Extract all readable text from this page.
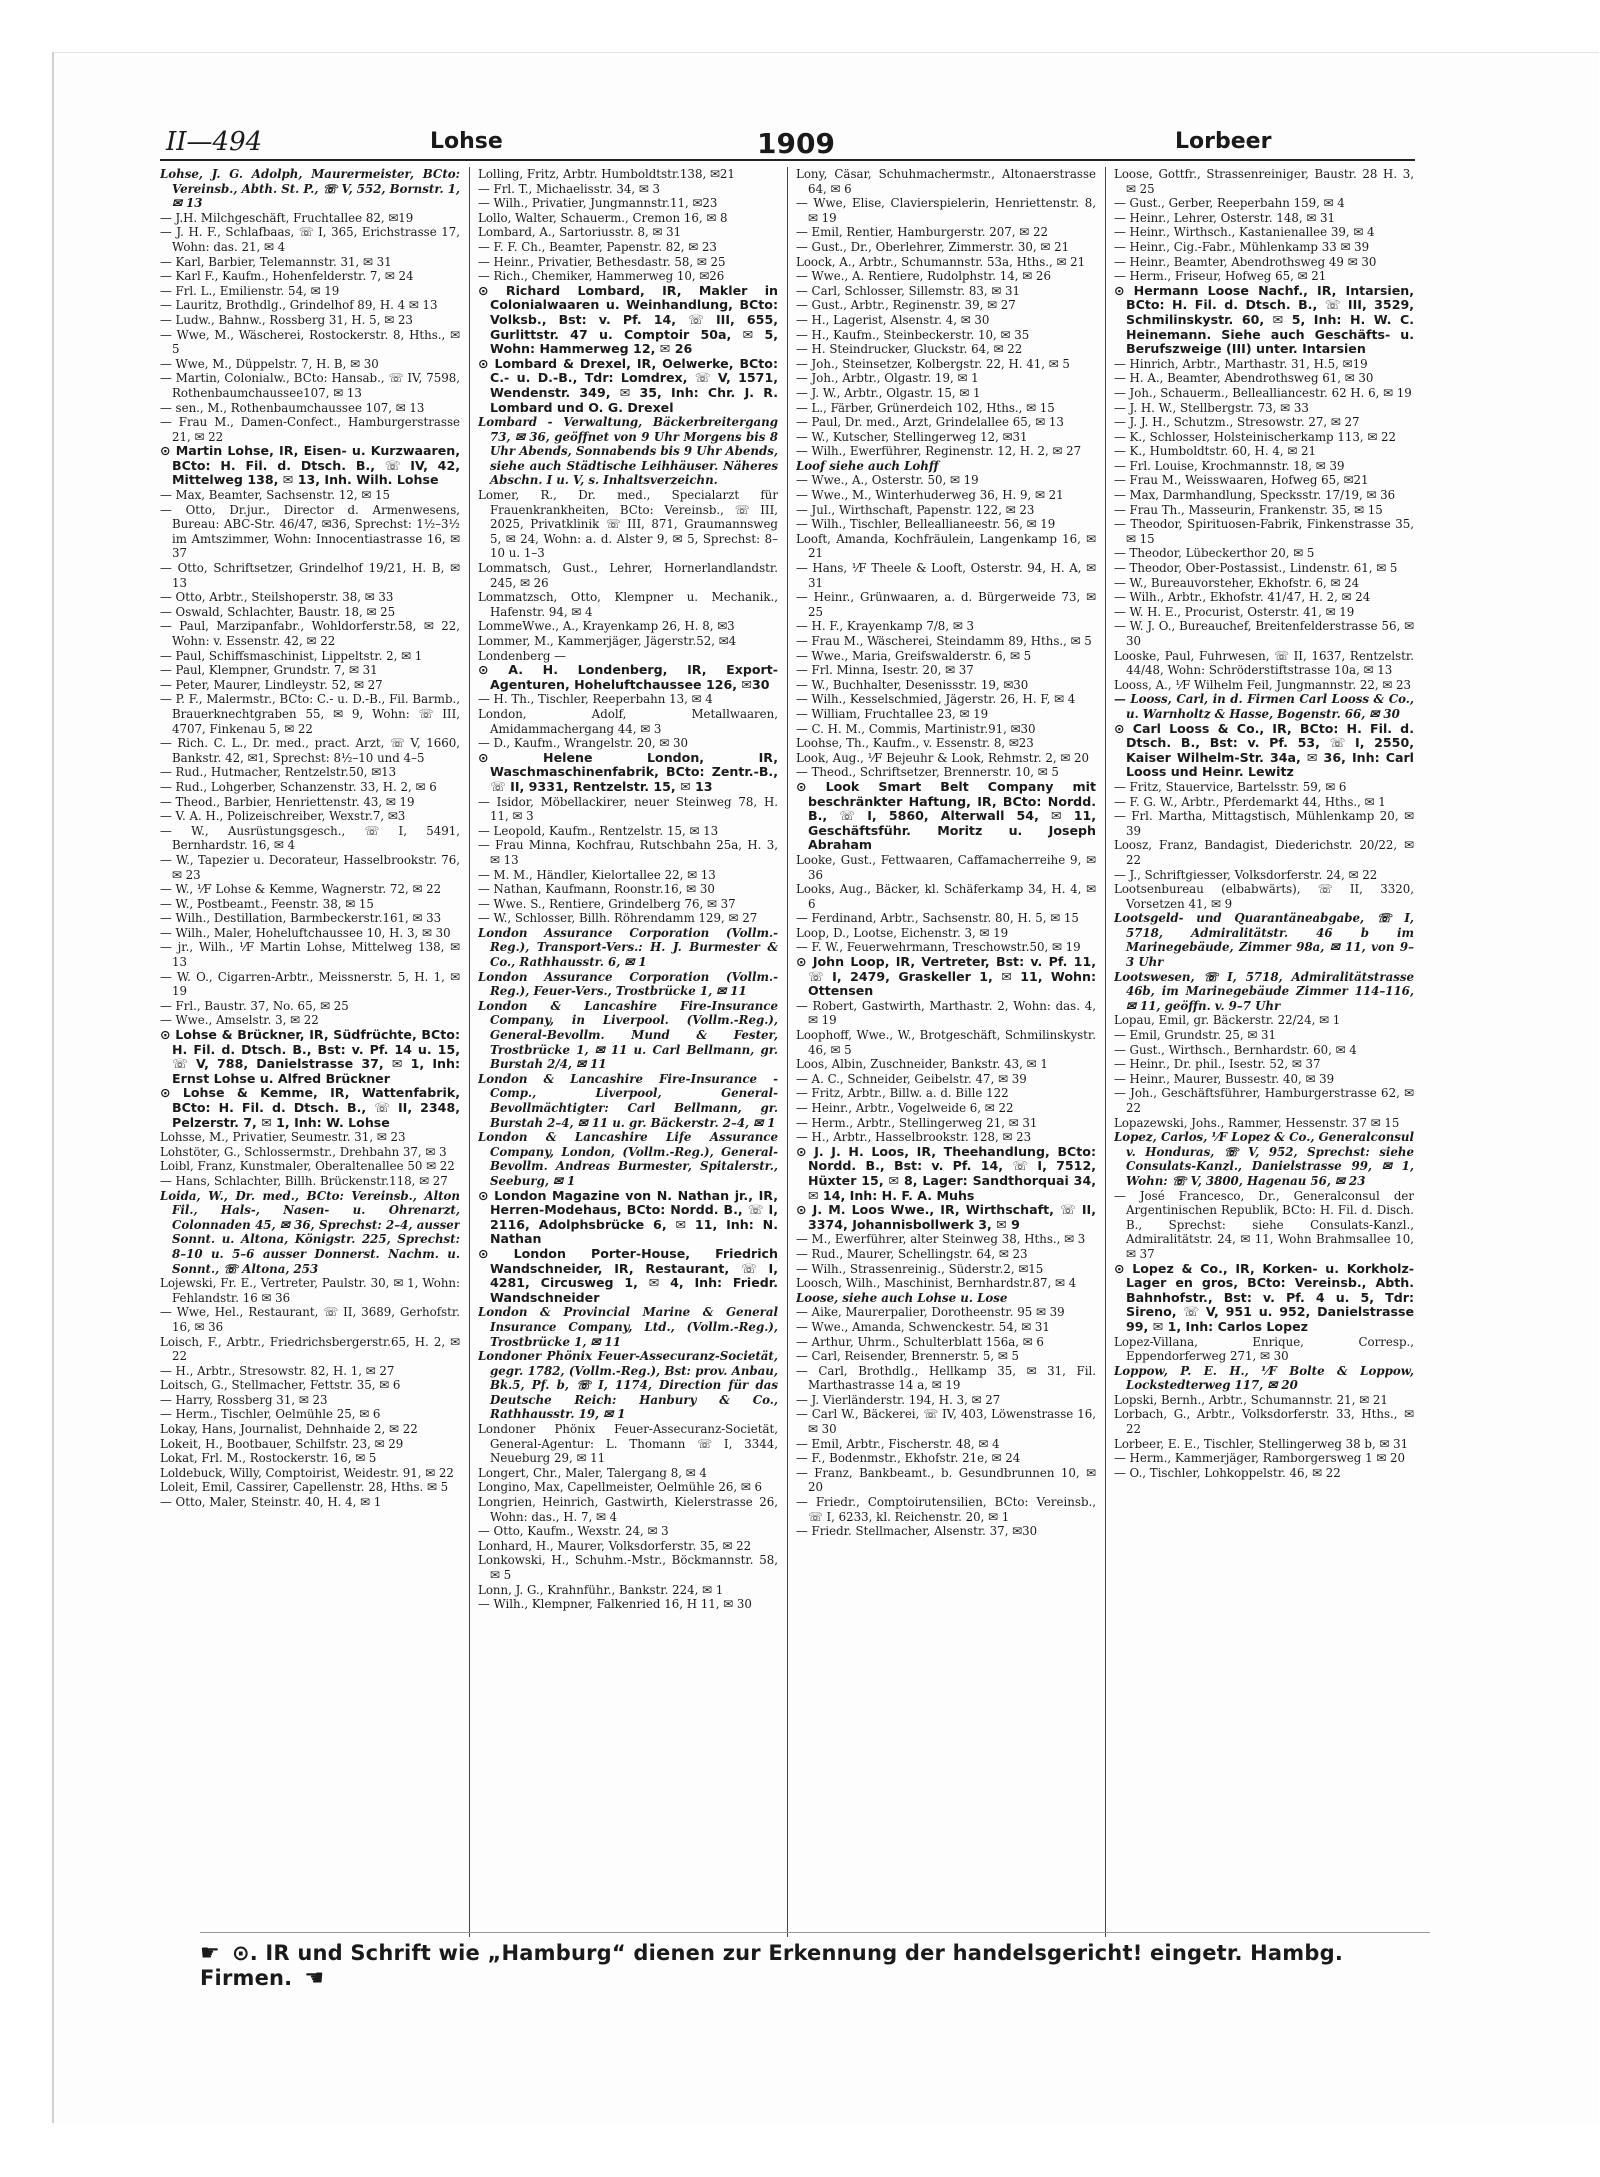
II—494	Lohse	1909	Lorbeer

Lohse, J. G. Adolph, Maurermeister, BCto: Vereinsb., Abth. St. P., ☏ V, 552, Bornstr. 1, ✉ 13

— J.H. Milchgeschäft, Fruchtallee 82, ✉19

— J. H. F., Schlafbaas, ☏ I, 365, Erichstrasse 17, Wohn: das. 21, ✉ 4

— Karl, Barbier, Telemannstr. 31, ✉ 31

— Karl F., Kaufm., Hohenfelderstr. 7, ✉ 24

— Frl. L., Emilienstr. 54, ✉ 19

— Lauritz, Brothdlg., Grindelhof 89, H. 4 ✉ 13

— Ludw., Bahnw., Rossberg 31, H. 5, ✉ 23

— Wwe, M., Wäscherei, Rostockerstr. 8, Hths., ✉ 5

— Wwe, M., Düppelstr. 7, H. B, ✉ 30

— Martin, Colonialw., BCto: Hansab., ☏ IV, 7598, Rothenbaumchaussee107, ✉ 13

— sen., M., Rothenbaumchaussee 107, ✉ 13

— Frau M., Damen-Confect., Hamburgerstrasse 21, ✉ 22

⊙ Martin Lohse, IR, Eisen- u. Kurzwaaren, BCto: H. Fil. d. Dtsch. B., ☏ IV, 42, Mittelweg 138, ✉ 13, Inh. Wilh. Lohse

— Max, Beamter, Sachsenstr. 12, ✉ 15

— Otto, Dr.jur., Director d. Armenwesens, Bureau: ABC-Str. 46/47, ✉36, Sprechst: 1½–3½ im Amtszimmer, Wohn: Innocentiastrasse 16, ✉ 37

— Otto, Schriftsetzer, Grindelhof 19/21, H. B, ✉ 13

— Otto, Arbtr., Steilshoperstr. 38, ✉ 33

— Oswald, Schlachter, Baustr. 18, ✉ 25

— Paul, Marzipanfabr., Wohldorferstr.58, ✉ 22, Wohn: v. Essenstr. 42, ✉ 22

— Paul, Schiffsmaschinist, Lippeltstr. 2, ✉ 1

— Paul, Klempner, Grundstr. 7, ✉ 31

— Peter, Maurer, Lindleystr. 52, ✉ 27

— P. F., Malermstr., BCto: C.- u. D.-B., Fil. Barmb., Brauerknechtgraben 55, ✉ 9, Wohn: ☏ III, 4707, Finkenau 5, ✉ 22

— Rich. C. L., Dr. med., pract. Arzt, ☏ V, 1660, Bankstr. 42, ✉1, Sprechst: 8½–10 und 4–5

— Rud., Hutmacher, Rentzelstr.50, ✉13

— Rud., Lohgerber, Schanzenstr. 33, H. 2, ✉ 6

— Theod., Barbier, Henriettenstr. 43, ✉ 19

— V. A. H., Polizeischreiber, Wexstr.7, ✉3

— W., Ausrüstungsgesch., ☏ I, 5491, Bernhardstr. 16, ✉ 4

— W., Tapezier u. Decorateur, Hasselbrookstr. 76, ✉ 23

— W., ⅟F Lohse & Kemme, Wagnerstr. 72, ✉ 22

— W., Postbeamt., Feenstr. 38, ✉ 15

— Wilh., Destillation, Barmbeckerstr.161, ✉ 33

— Wilh., Maler, Hoheluftchaussee 10, H. 3, ✉ 30

— jr., Wilh., ⅟F Martin Lohse, Mittelweg 138, ✉ 13

— W. O., Cigarren-Arbtr., Meissnerstr. 5, H. 1, ✉ 19

— Frl., Baustr. 37, No. 65, ✉ 25

— Wwe., Amselstr. 3, ✉ 22

⊙ Lohse & Brückner, IR, Südfrüchte, BCto: H. Fil. d. Dtsch. B., Bst: v. Pf. 14 u. 15, ☏ V, 788, Danielstrasse 37, ✉ 1, Inh: Ernst Lohse u. Alfred Brückner

⊙ Lohse & Kemme, IR, Wattenfabrik, BCto: H. Fil. d. Dtsch. B., ☏ II, 2348, Pelzerstr. 7, ✉ 1, Inh: W. Lohse

Lohsse, M., Privatier, Seumestr. 31, ✉ 23

Lohstöter, G., Schlossermstr., Drehbahn 37, ✉ 3

Loibl, Franz, Kunstmaler, Oberaltenallee 50 ✉ 22

— Hans, Schlachter, Billh. Brückenstr.118, ✉ 27

Loida, W., Dr. med., BCto: Vereinsb., Alton Fil., Hals-, Nasen- u. Ohrenarzt, Colonnaden 45, ✉ 36, Sprechst: 2–4, ausser Sonnt. u. Altona, Königstr. 225, Sprechst: 8–10 u. 5–6 ausser Donnerst. Nachm. u. Sonnt., ☏ Altona, 253

Lojewski, Fr. E., Vertreter, Paulstr. 30, ✉ 1, Wohn: Fehlandstr. 16 ✉ 36

— Wwe, Hel., Restaurant, ☏ II, 3689, Gerhofstr. 16, ✉ 36

Loisch, F., Arbtr., Friedrichsbergerstr.65, H. 2, ✉ 22

— H., Arbtr., Stresowstr. 82, H. 1, ✉ 27

Loitsch, G., Stellmacher, Fettstr. 35, ✉ 6

— Harry, Rossberg 31, ✉ 23

— Herm., Tischler, Oelmühle 25, ✉ 6

Lokay, Hans, Journalist, Dehnhaide 2, ✉ 22

Lokeit, H., Bootbauer, Schilfstr. 23, ✉ 29

Lokat, Frl. M., Rostockerstr. 16, ✉ 5

Loldebuck, Willy, Comptoirist, Weidestr. 91, ✉ 22

Loleit, Emil, Cassirer, Capellenstr. 28, Hths. ✉ 5

— Otto, Maler, Steinstr. 40, H. 4, ✉ 1

Lolling, Fritz, Arbtr. Humboldtstr.138, ✉21

— Frl. T., Michaelisstr. 34, ✉ 3

— Wilh., Privatier, Jungmannstr.11, ✉23

Lollo, Walter, Schauerm., Cremon 16, ✉ 8

Lombard, A., Sartoriusstr. 8, ✉ 31

— F. F. Ch., Beamter, Papenstr. 82, ✉ 23

— Heinr., Privatier, Bethesdastr. 58, ✉ 25

— Rich., Chemiker, Hammerweg 10, ✉26

⊙ Richard Lombard, IR, Makler in Colonialwaaren u. Weinhandlung, BCto: Volksb., Bst: v. Pf. 14, ☏ III, 655, Gurlittstr. 47 u. Comptoir 50a, ✉ 5, Wohn: Hammerweg 12, ✉ 26

⊙ Lombard & Drexel, IR, Oelwerke, BCto: C.- u. D.-B., Tdr: Lomdrex, ☏ V, 1571, Wendenstr. 349, ✉ 35, Inh: Chr. J. R. Lombard und O. G. Drexel

Lombard - Verwaltung, Bäckerbreitergang 73, ✉ 36, geöffnet von 9 Uhr Morgens bis 8 Uhr Abends, Sonnabends bis 9 Uhr Abends, siehe auch Städtische Leihhäuser. Näheres Abschn. I u. V, s. Inhaltsverzeichn.

Lomer, R., Dr. med., Specialarzt für Frauenkrankheiten, BCto: Vereinsb., ☏ III, 2025, Privatklinik ☏ III, 871, Graumannsweg 5, ✉ 24, Wohn: a. d. Alster 9, ✉ 5, Sprechst: 8–10 u. 1–3

Lommatsch, Gust., Lehrer, Hornerlandlandstr. 245, ✉ 26

Lommatzsch, Otto, Klempner u. Mechanik., Hafenstr. 94, ✉ 4

LommeWwe., A., Krayenkamp 26, H. 8, ✉3

Lommer, M., Kammerjäger, Jägerstr.52, ✉4

Londenberg —

⊙ A. H. Londenberg, IR, Export-Agenturen, Hoheluftchaussee 126, ✉30

— H. Th., Tischler, Reeperbahn 13, ✉ 4

London, Adolf, Metallwaaren, Amidammachergang 44, ✉ 3

— D., Kaufm., Wrangelstr. 20, ✉ 30

⊙ Helene London, IR, Waschmaschinenfabrik, BCto: Zentr.-B., ☏ II, 9331, Rentzelstr. 15, ✉ 13

— Isidor, Möbellackirer, neuer Steinweg 78, H. 11, ✉ 3

— Leopold, Kaufm., Rentzelstr. 15, ✉ 13

— Frau Minna, Kochfrau, Rutschbahn 25a, H. 3, ✉ 13

— M. M., Händler, Kielortallee 22, ✉ 13

— Nathan, Kaufmann, Roonstr.16, ✉ 30

— Wwe. S., Rentiere, Grindelberg 76, ✉ 37

— W., Schlosser, Billh. Röhrendamm 129, ✉ 27

London Assurance Corporation (Vollm.-Reg.), Transport-Vers.: H. J. Burmester & Co., Rathhausstr. 6, ✉ 1

London Assurance Corporation (Vollm.-Reg.), Feuer-Vers., Trostbrücke 1, ✉ 11

London & Lancashire Fire-Insurance Company, in Liverpool. (Vollm.-Reg.), General-Bevollm. Mund & Fester, Trostbrücke 1, ✉ 11 u. Carl Bellmann, gr. Burstah 2/4, ✉ 11

London & Lancashire Fire-Insurance - Comp., Liverpool, General-Bevollmächtigter: Carl Bellmann, gr. Burstah 2–4, ✉ 11 u. gr. Bäckerstr. 2–4, ✉ 1

London & Lancashire Life Assurance Company, London, (Vollm.-Reg.), General-Bevollm. Andreas Burmester, Spitalerstr., Seeburg, ✉ 1

⊙ London Magazine von N. Nathan jr., IR, Herren-Modehaus, BCto: Nordd. B., ☏ I, 2116, Adolphsbrücke 6, ✉ 11, Inh: N. Nathan

⊙ London Porter-House, Friedrich Wandschneider, IR, Restaurant, ☏ I, 4281, Circusweg 1, ✉ 4, Inh: Friedr. Wandschneider

London & Provincial Marine & General Insurance Company, Ltd., (Vollm.-Reg.), Trostbrücke 1, ✉ 11

Londoner Phönix Feuer-Assecuranz-Societät, gegr. 1782, (Vollm.-Reg.), Bst: prov. Anbau, Bk.5, Pf. b, ☏ I, 1174, Direction für das Deutsche Reich: Hanbury & Co., Rathhausstr. 19, ✉ 1

Londoner Phönix Feuer-Assecuranz-Societät, General-Agentur: L. Thomann ☏ I, 3344, Neueburg 29, ✉ 11

Longert, Chr., Maler, Talergang 8, ✉ 4

Longino, Max, Capellmeister, Oelmühle 26, ✉ 6

Longrien, Heinrich, Gastwirth, Kielerstrasse 26, Wohn: das., H. 7, ✉ 4

— Otto, Kaufm., Wexstr. 24, ✉ 3

Lonhard, H., Maurer, Volksdorferstr. 35, ✉ 22

Lonkowski, H., Schuhm.-Mstr., Böckmannstr. 58, ✉ 5

Lonn, J. G., Krahnführ., Bankstr. 224, ✉ 1

— Wilh., Klempner, Falkenried 16, H 11, ✉ 30

Lony, Cäsar, Schuhmachermstr., Altonaerstrasse 64, ✉ 6

— Wwe, Elise, Clavierspielerin, Henriettenstr. 8, ✉ 19

— Emil, Rentier, Hamburgerstr. 207, ✉ 22

— Gust., Dr., Oberlehrer, Zimmerstr. 30, ✉ 21

Loock, A., Arbtr., Schumannstr. 53a, Hths., ✉ 21

— Wwe., A. Rentiere, Rudolphstr. 14, ✉ 26

— Carl, Schlosser, Sillemstr. 83, ✉ 31

— Gust., Arbtr., Reginenstr. 39, ✉ 27

— H., Lagerist, Alsenstr. 4, ✉ 30

— H., Kaufm., Steinbeckerstr. 10, ✉ 35

— H. Steindrucker, Gluckstr. 64, ✉ 22

— Joh., Steinsetzer, Kolbergstr. 22, H. 41, ✉ 5

— Joh., Arbtr., Olgastr. 19, ✉ 1

— J. W., Arbtr., Olgastr. 15, ✉ 1

— L., Färber, Grünerdeich 102, Hths., ✉ 15

— Paul, Dr. med., Arzt, Grindelallee 65, ✉ 13

— W., Kutscher, Stellingerweg 12, ✉31

— Wilh., Ewerführer, Reginenstr. 12, H. 2, ✉ 27

Loof siehe auch Lohff

— Wwe., A., Osterstr. 50, ✉ 19

— Wwe., M., Winterhuderweg 36, H. 9, ✉ 21

— Jul., Wirthschaft, Papenstr. 122, ✉ 23

— Wilh., Tischler, Belleallianeestr. 56, ✉ 19

Looft, Amanda, Kochfräulein, Langenkamp 16, ✉ 21

— Hans, ⅟F Theele & Looft, Osterstr. 94, H. A, ✉ 31

— Heinr., Grünwaaren, a. d. Bürgerweide 73, ✉ 25

— H. F., Krayenkamp 7/8, ✉ 3

— Frau M., Wäscherei, Steindamm 89, Hths., ✉ 5

— Wwe., Maria, Greifswalderstr. 6, ✉ 5

— Frl. Minna, Isestr. 20, ✉ 37

— W., Buchhalter, Desenissstr. 19, ✉30

— Wilh., Kesselschmied, Jägerstr. 26, H. F, ✉ 4

— William, Fruchtallee 23, ✉ 19

— C. H. M., Commis, Martinistr.91, ✉30

Loohse, Th., Kaufm., v. Essenstr. 8, ✉23

Look, Aug., ⅟F Bejeuhr & Look, Rehmstr. 2, ✉ 20

— Theod., Schriftsetzer, Brennerstr. 10, ✉ 5

⊙ Look Smart Belt Company mit beschränkter Haftung, IR, BCto: Nordd. B., ☏ I, 5860, Alterwall 54, ✉ 11, Geschäftsführ. Moritz u. Joseph Abraham

Looke, Gust., Fettwaaren, Caffamacherreihe 9, ✉ 36

Looks, Aug., Bäcker, kl. Schäferkamp 34, H. 4, ✉ 6

— Ferdinand, Arbtr., Sachsenstr. 80, H. 5, ✉ 15

Loop, D., Lootse, Eichenstr. 3, ✉ 19

— F. W., Feuerwehrmann, Treschowstr.50, ✉ 19

⊙ John Loop, IR, Vertreter, Bst: v. Pf. 11, ☏ I, 2479, Graskeller 1, ✉ 11, Wohn: Ottensen

— Robert, Gastwirth, Marthastr. 2, Wohn: das. 4, ✉ 19

Loophoff, Wwe., W., Brotgeschäft, Schmilinskystr. 46, ✉ 5

Loos, Albin, Zuschneider, Bankstr. 43, ✉ 1

— A. C., Schneider, Geibelstr. 47, ✉ 39

— Fritz, Arbtr., Billw. a. d. Bille 122

— Heinr., Arbtr., Vogelweide 6, ✉ 22

— Herm., Arbtr., Stellingerweg 21, ✉ 31

— H., Arbtr., Hasselbrookstr. 128, ✉ 23

⊙ J. J. H. Loos, IR, Theehandlung, BCto: Nordd. B., Bst: v. Pf. 14, ☏ I, 7512, Hüxter 15, ✉ 8, Lager: Sandthorquai 34, ✉ 14, Inh: H. F. A. Muhs

⊙ J. M. Loos Wwe., IR, Wirthschaft, ☏ II, 3374, Johannisbollwerk 3, ✉ 9

— M., Ewerführer, alter Steinweg 38, Hths., ✉ 3

— Rud., Maurer, Schellingstr. 64, ✉ 23

— Wilh., Strassenreinig., Süderstr.2, ✉15

Loosch, Wilh., Maschinist, Bernhardstr.87, ✉ 4

Loose, siehe auch Lohse u. Lose

— Aike, Maurerpalier, Dorotheenstr. 95 ✉ 39

— Wwe., Amanda, Schwenckestr. 54, ✉ 31

— Arthur, Uhrm., Schulterblatt 156a, ✉ 6

— Carl, Reisender, Brennerstr. 5, ✉ 5

— Carl, Brothdlg., Hellkamp 35, ✉ 31, Fil. Marthastrasse 14 a, ✉ 19

— J. Vierländerstr. 194, H. 3, ✉ 27

— Carl W., Bäckerei, ☏ IV, 403, Löwenstrasse 16, ✉ 30

— Emil, Arbtr., Fischerstr. 48, ✉ 4

— F., Bodenmstr., Ekhofstr. 21e, ✉ 24

— Franz, Bankbeamt., b. Gesundbrunnen 10, ✉ 20

— Friedr., Comptoirutensilien, BCto: Vereinsb., ☏ I, 6233, kl. Reichenstr. 20, ✉ 1

— Friedr. Stellmacher, Alsenstr. 37, ✉30

Loose, Gottfr., Strassenreiniger, Baustr. 28 H. 3, ✉ 25

— Gust., Gerber, Reeperbahn 159, ✉ 4

— Heinr., Lehrer, Osterstr. 148, ✉ 31

— Heinr., Wirthsch., Kastanienallee 39, ✉ 4

— Heinr., Cig.-Fabr., Mühlenkamp 33 ✉ 39

— Heinr., Beamter, Abendrothsweg 49 ✉ 30

— Herm., Friseur, Hofweg 65, ✉ 21

⊙ Hermann Loose Nachf., IR, Intarsien, BCto: H. Fil. d. Dtsch. B., ☏ III, 3529, Schmilinskystr. 60, ✉ 5, Inh: H. W. C. Heinemann. Siehe auch Geschäfts- u. Berufszweige (III) unter. Intarsien

— Hinrich, Arbtr., Marthastr. 31, H.5, ✉19

— H. A., Beamter, Abendrothsweg 61, ✉ 30

— Joh., Schauerm., Bellealliancestr. 62 H. 6, ✉ 19

— J. H. W., Stellbergstr. 73, ✉ 33

— J. J. H., Schutzm., Stresowstr. 27, ✉ 27

— K., Schlosser, Holsteinischerkamp 113, ✉ 22

— K., Humboldtstr. 60, H. 4, ✉ 21

— Frl. Louise, Krochmannstr. 18, ✉ 39

— Frau M., Weisswaaren, Hofweg 65, ✉21

— Max, Darmhandlung, Specksstr. 17/19, ✉ 36

— Frau Th., Masseurin, Frankenstr. 35, ✉ 15

— Theodor, Spirituosen-Fabrik, Finkenstrasse 35, ✉ 15

— Theodor, Lübeckerthor 20, ✉ 5

— Theodor, Ober-Postassist., Lindenstr. 61, ✉ 5

— W., Bureauvorsteher, Ekhofstr. 6, ✉ 24

— Wilh., Arbtr., Ekhofstr. 41/47, H. 2, ✉ 24

— W. H. E., Procurist, Osterstr. 41, ✉ 19

— W. J. O., Bureauchef, Breitenfelderstrasse 56, ✉ 30

Looske, Paul, Fuhrwesen, ☏ II, 1637, Rentzelstr. 44/48, Wohn: Schröderstiftstrasse 10a, ✉ 13

Looss, A., ⅟F Wilhelm Feil, Jungmannstr. 22, ✉ 23

— Looss, Carl, in d. Firmen Carl Looss & Co., u. Warnholtz & Hasse, Bogenstr. 66, ✉ 30

⊙ Carl Looss & Co., IR, BCto: H. Fil. d. Dtsch. B., Bst: v. Pf. 53, ☏ I, 2550, Kaiser Wilhelm-Str. 34a, ✉ 36, Inh: Carl Looss und Heinr. Lewitz

— Fritz, Stauervice, Bartelsstr. 59, ✉ 6

— F. G. W., Arbtr., Pferdemarkt 44, Hths., ✉ 1

— Frl. Martha, Mittagstisch, Mühlenkamp 20, ✉ 39

Loosz, Franz, Bandagist, Diederichstr. 20/22, ✉ 22

— J., Schriftgiesser, Volksdorferstr. 24, ✉ 22

Lootsenbureau (elbabwärts), ☏ II, 3320, Vorsetzen 41, ✉ 9

Lootsgeld- und Quarantäneabgabe, ☏ I, 5718, Admiralitätstr. 46 b im Marinegebäude, Zimmer 98a, ✉ 11, von 9–3 Uhr

Lootswesen, ☏ I, 5718, Admiralitätstrasse 46b, im Marinegebäude Zimmer 114–116, ✉ 11, geöffn. v. 9–7 Uhr

Lopau, Emil, gr. Bäckerstr. 22/24, ✉ 1

— Emil, Grundstr. 25, ✉ 31

— Gust., Wirthsch., Bernhardstr. 60, ✉ 4

— Heinr., Dr. phil., Isestr. 52, ✉ 37

— Heinr., Maurer, Bussestr. 40, ✉ 39

— Joh., Geschäftsführer, Hamburgerstrasse 62, ✉ 22

Lopazewski, Johs., Rammer, Hessenstr. 37 ✉ 15

Lopez, Carlos, ⅟F Lopez & Co., Generalconsul v. Honduras, ☏ V, 952, Sprechst: siehe Consulats-Kanzl., Danielstrasse 99, ✉ 1, Wohn: ☏ V, 3800, Hagenau 56, ✉ 23

— José Francesco, Dr., Generalconsul der Argentinischen Republik, BCto: H. Fil. d. Disch. B., Sprechst: siehe Consulats-Kanzl., Admiralitätstr. 24, ✉ 11, Wohn Brahmsallee 10, ✉ 37

⊙ Lopez & Co., IR, Korken- u. Korkholz-Lager en gros, BCto: Vereinsb., Abth. Bahnhofstr., Bst: v. Pf. 4 u. 5, Tdr: Sireno, ☏ V, 951 u. 952, Danielstrasse 99, ✉ 1, Inh: Carlos Lopez

Lopez-Villana, Enrique, Corresp., Eppendorferweg 271, ✉ 30

Loppow, P. E. H., ⅟F Bolte & Loppow, Lockstedterweg 117, ✉ 20

Lopski, Bernh., Arbtr., Schumannstr. 21, ✉ 21

Lorbach, G., Arbtr., Volksdorferstr. 33, Hths., ✉ 22

Lorbeer, E. E., Tischler, Stellingerweg 38 b, ✉ 31

— Herm., Kammerjäger, Ramborgersweg 1 ✉ 20

— O., Tischler, Lohkoppelstr. 46, ✉ 22

☛ ⊙. IR und Schrift wie „Hamburg“ dienen zur Erkennung der handelsgericht! eingetr. Hambg. Firmen. ☚
